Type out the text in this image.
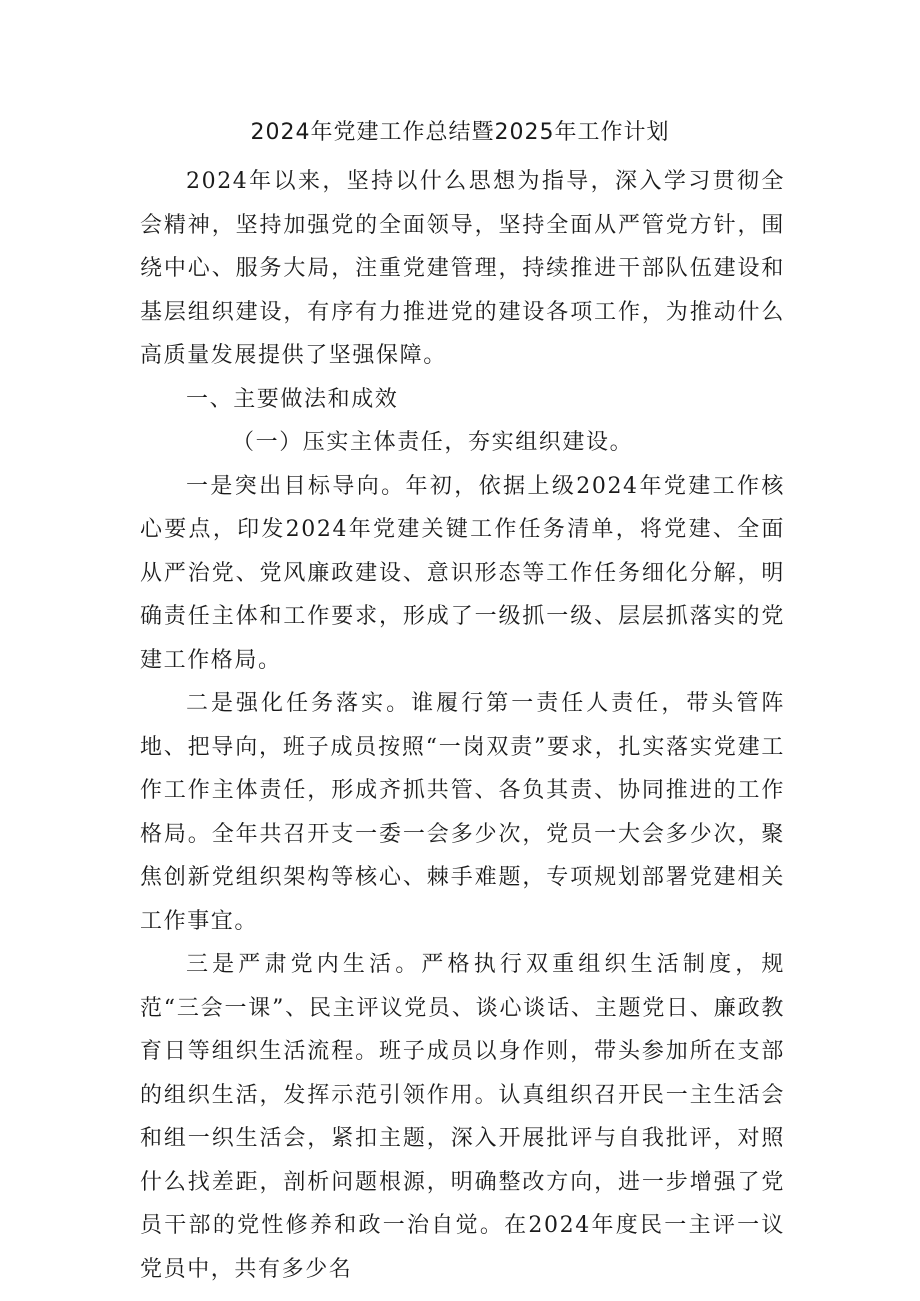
2024年党建工作总结暨2025年工作计划

2024年以来，坚持以什么思想为指导，深入学习贯彻全会精神，坚持加强党的全面领导，坚持全面从严管党方针，围绕中心、服务大局，注重党建管理，持续推进干部队伍建设和基层组织建设，有序有力推进党的建设各项工作，为推动什么高质量发展提供了坚强保障。

一、主要做法和成效

（一）压实主体责任，夯实组织建设。

一是突出目标导向。年初，依据上级2024年党建工作核心要点，印发2024年党建关键工作任务清单，将党建、全面从严治党、党风廉政建设、意识形态等工作任务细化分解，明确责任主体和工作要求，形成了一级抓一级、层层抓落实的党建工作格局。

二是强化任务落实。谁履行第一责任人责任，带头管阵地、把导向，班子成员按照“一岗双责”要求，扎实落实党建工作工作主体责任，形成齐抓共管、各负其责、协同推进的工作格局。全年共召开支一委一会多少次，党员一大会多少次，聚焦创新党组织架构等核心、棘手难题，专项规划部署党建相关工作事宜。

三是严肃党内生活。严格执行双重组织生活制度，规范“三会一课”、民主评议党员、谈心谈话、主题党日、廉政教育日等组织生活流程。班子成员以身作则，带头参加所在支部的组织生活，发挥示范引领作用。认真组织召开民一主生活会和组一织生活会，紧扣主题，深入开展批评与自我批评，对照什么找差距，剖析问题根源，明确整改方向，进一步增强了党员干部的党性修养和政一治自觉。在2024年度民一主评一议党员中，共有多少名
